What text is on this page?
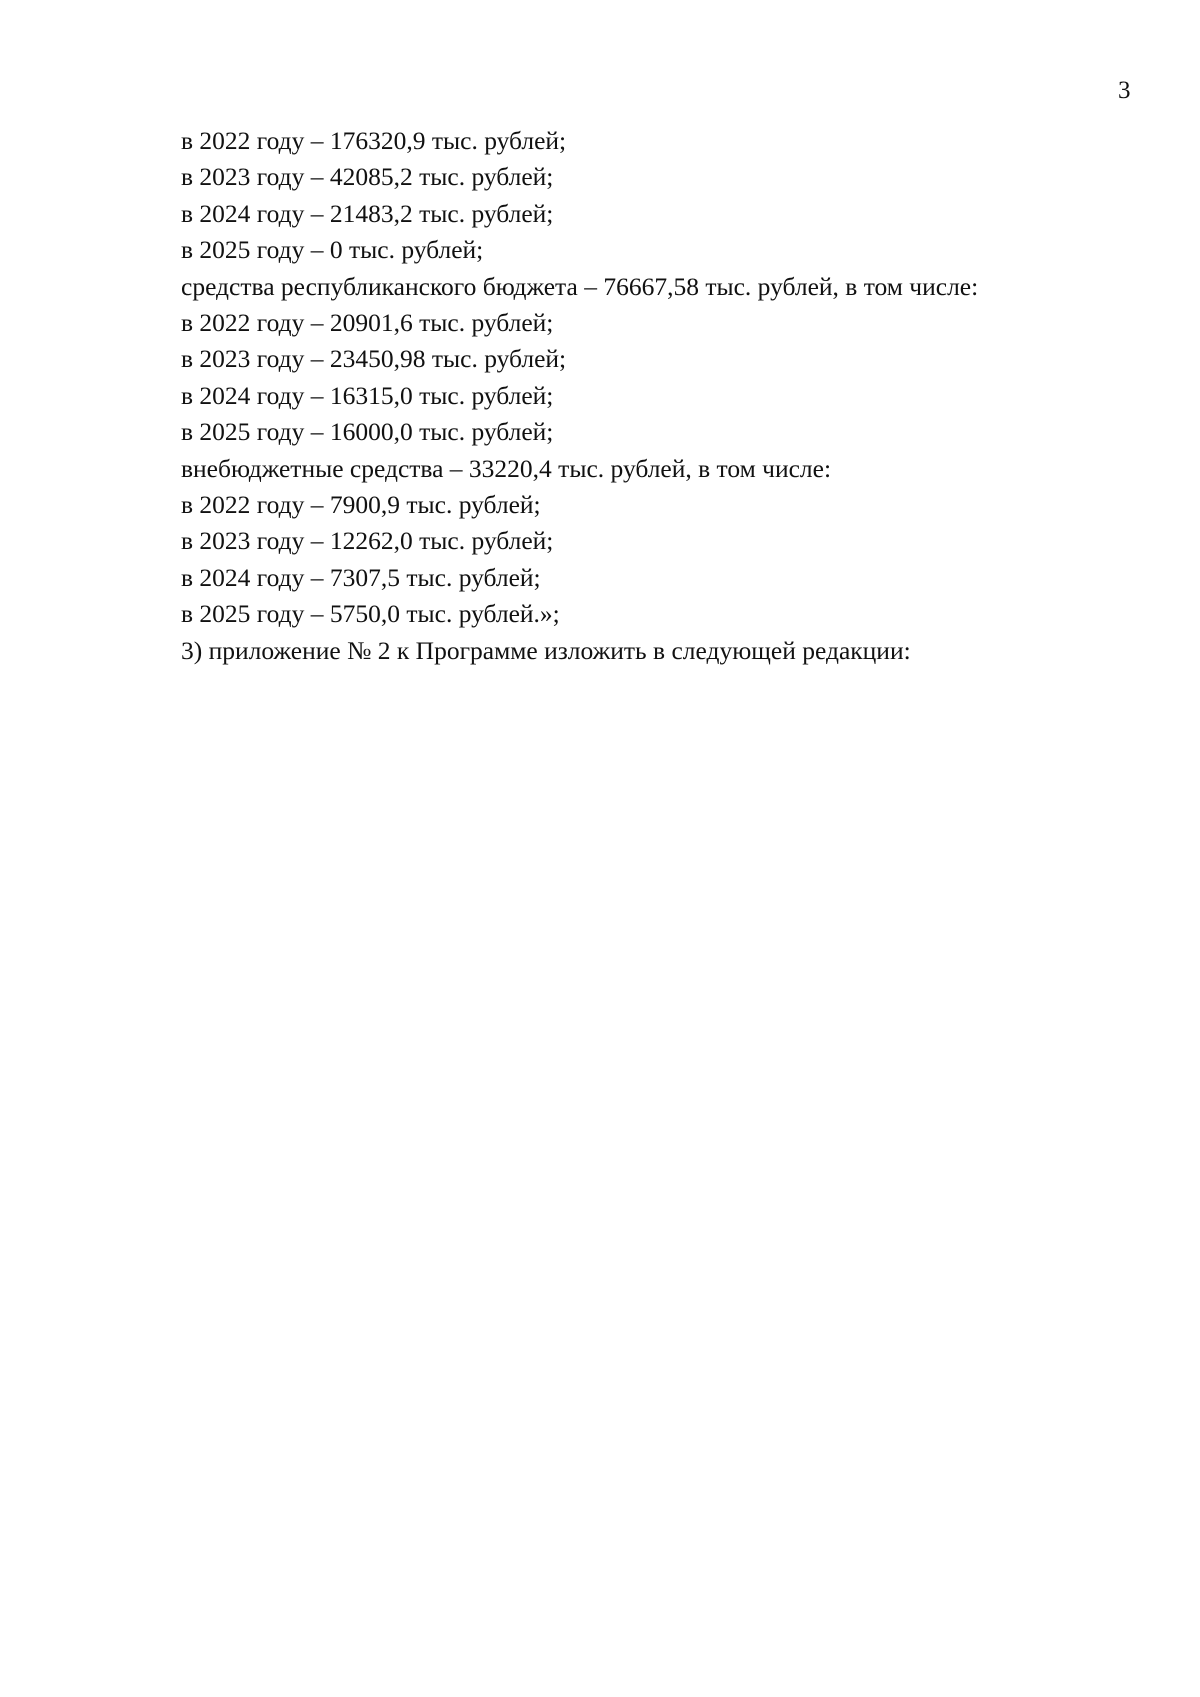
3
в 2022 году – 176320,9 тыс. рублей;
в 2023 году – 42085,2 тыс. рублей;
в 2024 году – 21483,2 тыс. рублей;
в 2025 году – 0 тыс. рублей;
средства республиканского бюджета – 76667,58 тыс. рублей, в том числе:
в 2022 году – 20901,6 тыс. рублей;
в 2023 году – 23450,98 тыс. рублей;
в 2024 году – 16315,0 тыс. рублей;
в 2025 году – 16000,0 тыс. рублей;
внебюджетные средства – 33220,4 тыс. рублей, в том числе:
в 2022 году – 7900,9 тыс. рублей;
в 2023 году – 12262,0 тыс. рублей;
в 2024 году – 7307,5 тыс. рублей;
в 2025 году – 5750,0 тыс. рублей.»;
3) приложение № 2 к Программе изложить в следующей редакции:
